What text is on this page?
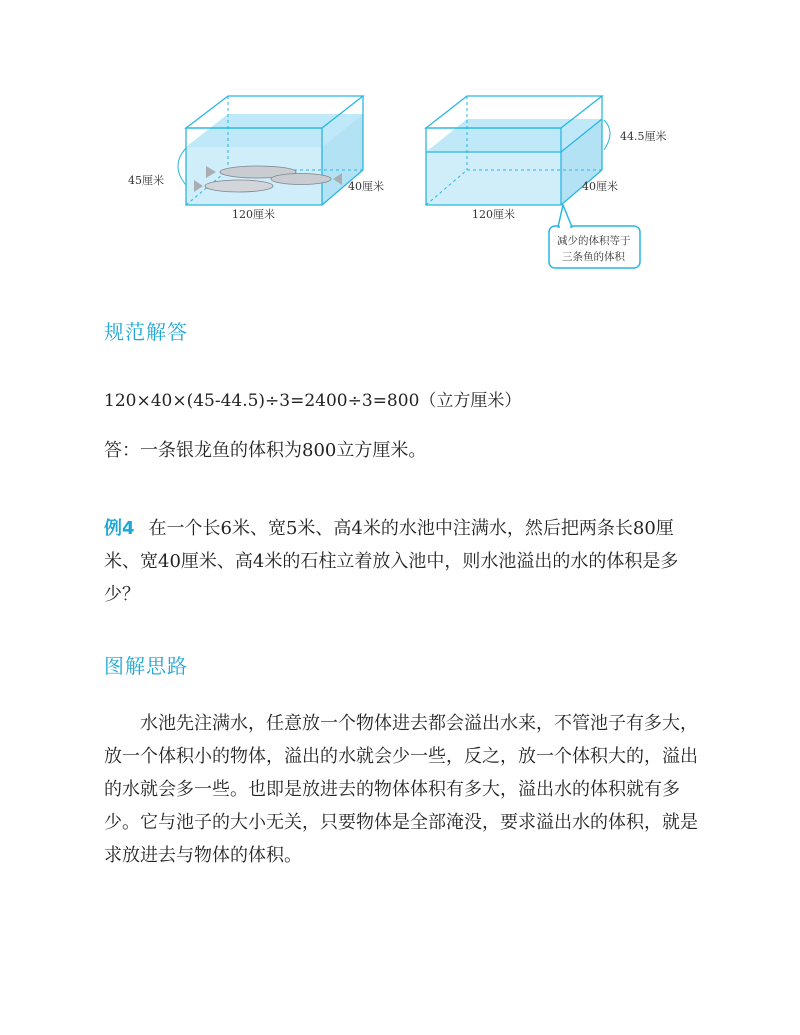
45厘米	40厘米
120厘米
44.5厘米
40厘米
120厘米
减少的体积等于
三条鱼的体积
规范解答
120×40×(45-44.5)÷3=2400÷3=800（立方厘米）
答：一条银龙鱼的体积为800立方厘米。
例4 在一个长6米、宽5米、高4米的水池中注满水，然后把两条长80厘米、宽40厘米、高4米的石柱立着放入池中，则水池溢出的水的体积是多少？
图解思路
水池先注满水，任意放一个物体进去都会溢出水来，不管池子有多大，放一个体积小的物体，溢出的水就会少一些，反之，放一个体积大的，溢出的水就会多一些。也即是放进去的物体体积有多大，溢出水的体积就有多少。它与池子的大小无关，只要物体是全部淹没，要求溢出水的体积，就是求放进去与物体的体积。
